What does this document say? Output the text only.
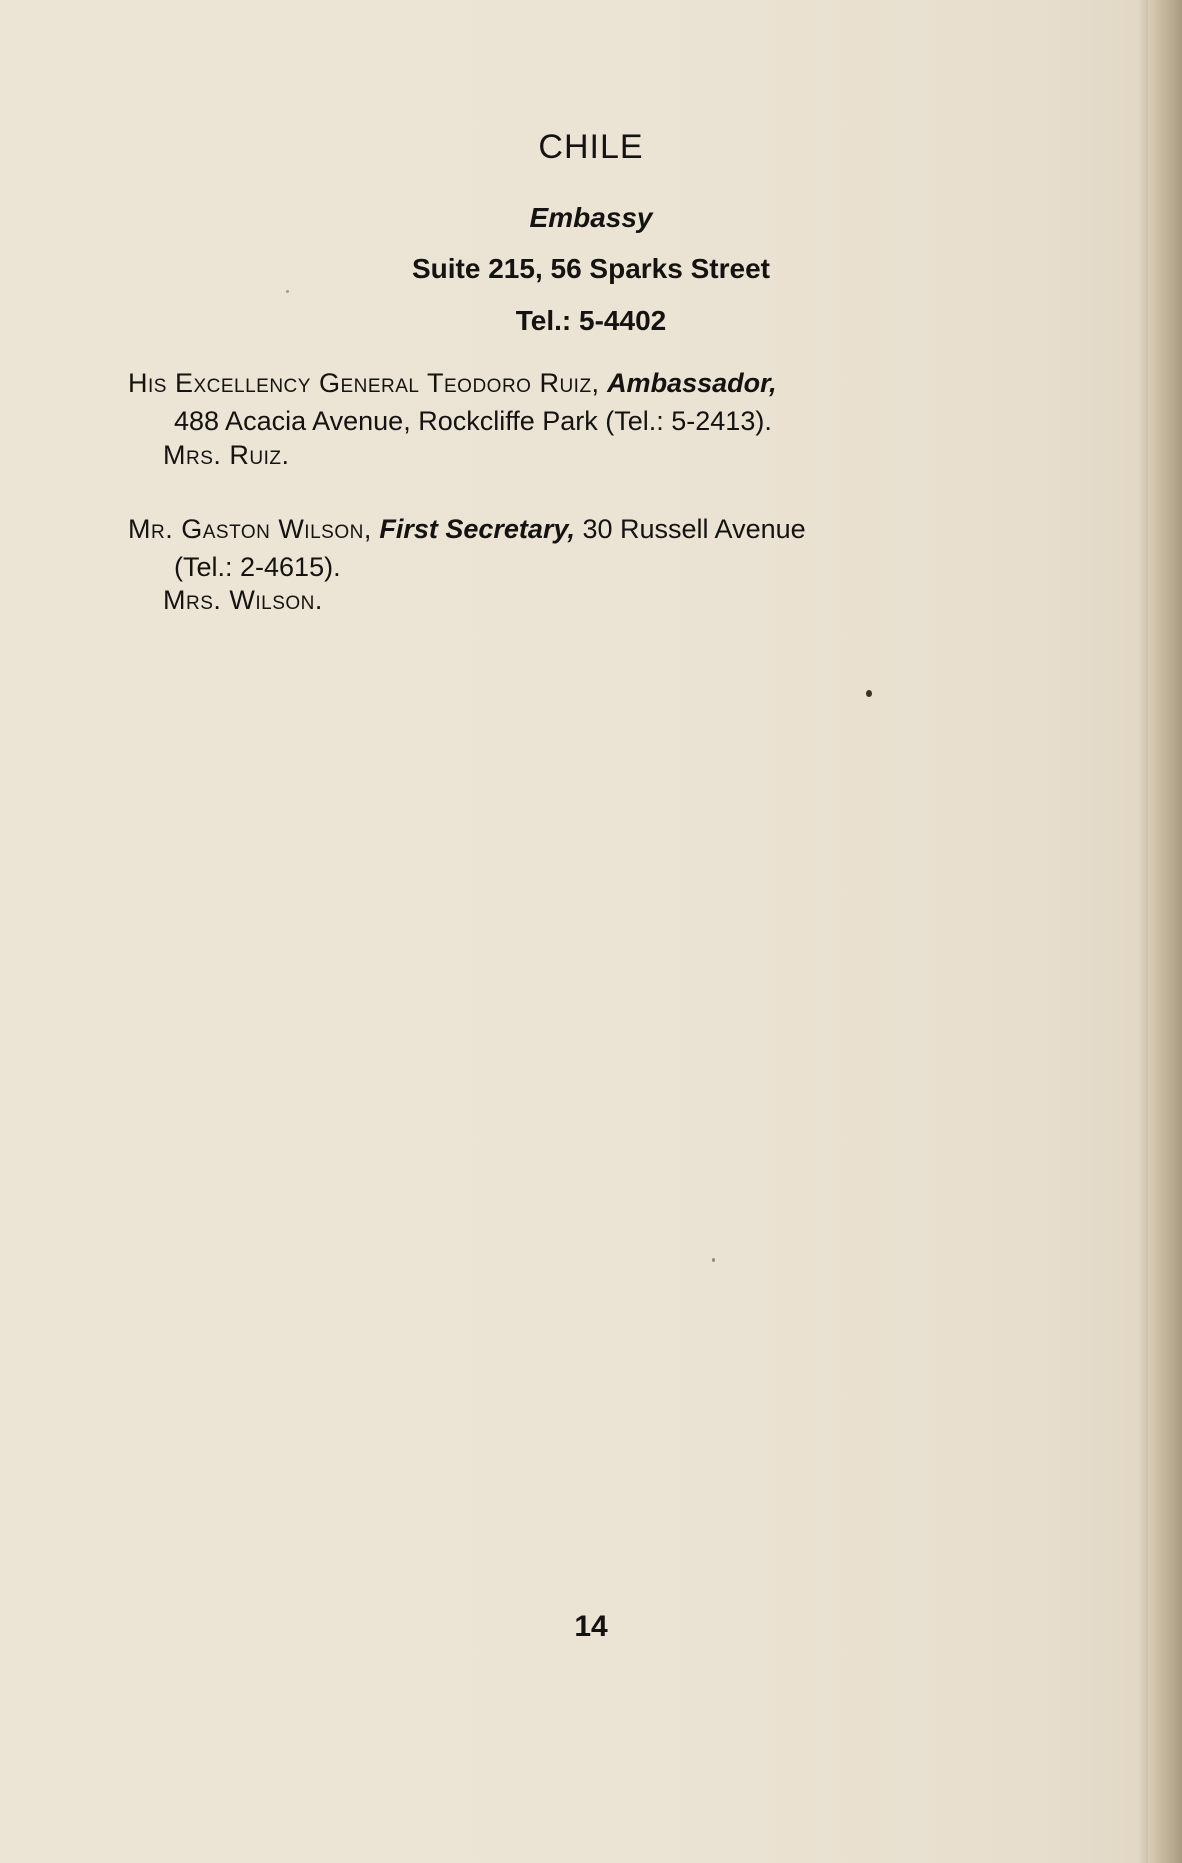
CHILE
Embassy
Suite 215, 56 Sparks Street
Tel.: 5-4402
His Excellency General Teodoro Ruiz, Ambassador,
488 Acacia Avenue, Rockcliffe Park (Tel.: 5-2413).
Mrs. Ruiz.
Mr. Gaston Wilson, First Secretary, 30 Russell Avenue
(Tel.: 2-4615).
Mrs. Wilson.
14
